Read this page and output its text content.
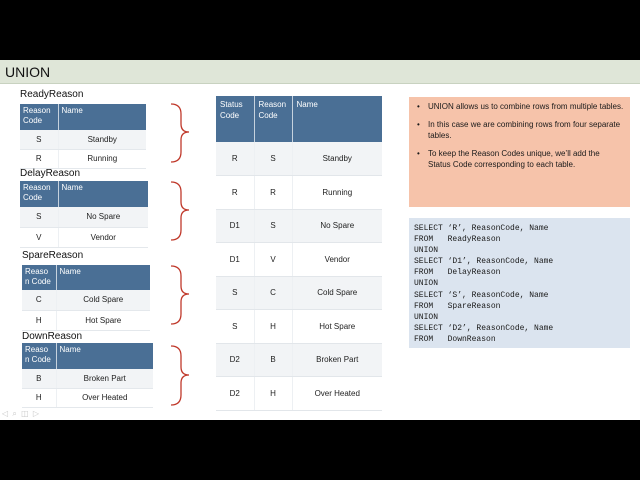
UNION
ReadyReason
Reason Code	Name
S	Standby
R	Running
DelayReason
Reason Code	Name
S	No Spare
V	Vendor
SpareReason
Reaso n Code	Name
C	Cold Spare
H	Hot Spare
DownReason
Reaso n Code	Name
B	Broken Part
H	Over Heated
Status Code	Reason Code	Name
R	S	Standby
R	R	Running
D1	S	No Spare
D1	V	Vendor
S	C	Cold Spare
S	H	Hot Spare
D2	B	Broken Part
D2	H	Over Heated
• UNION allows us to combine rows from multiple tables.
• In this case we are combining rows from four separate tables.
• To keep the Reason Codes unique, we’ll add the Status Code corresponding to each table.
SELECT ‘R’, ReasonCode, Name
FROM   ReadyReason
UNION
SELECT ‘D1’, ReasonCode, Name
FROM   DelayReason
UNION
SELECT ‘S’, ReasonCode, Name
FROM   SpareReason
UNION
SELECT ‘D2’, ReasonCode, Name
FROM   DownReason
◁ ⌕ ◫ ▷
